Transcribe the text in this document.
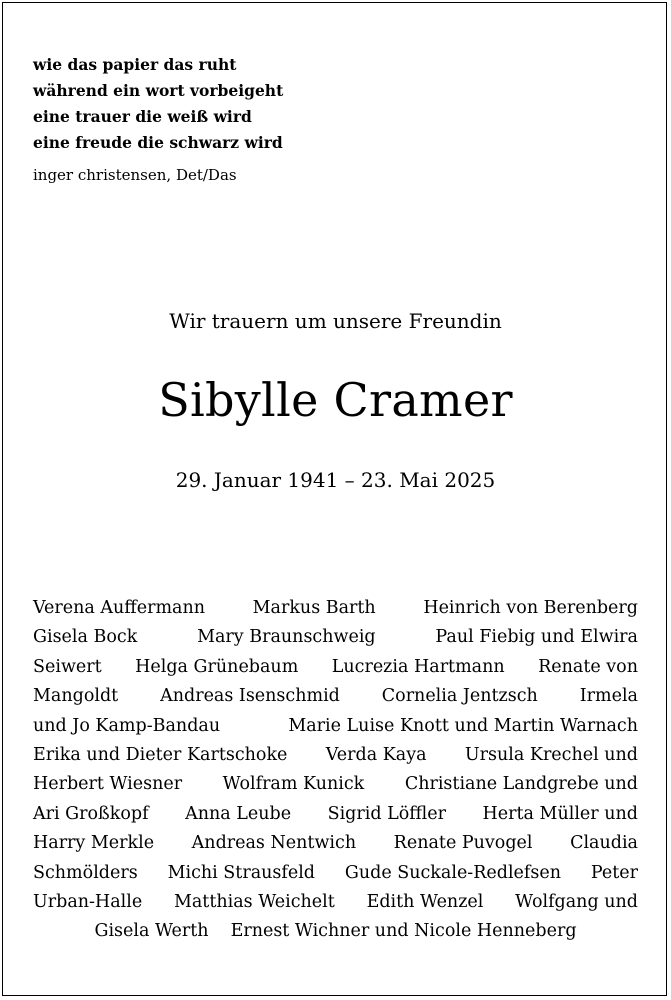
wie das papier das ruht
während ein wort vorbeigeht
eine trauer die weiß wird
eine freude die schwarz wird
inger christensen, Det/Das
Wir trauern um unsere Freundin
Sibylle Cramer
29. Januar 1941 – 23. Mai 2025
Verena Auffermann	Markus Barth	Heinrich von Berenberg
Gisela Bock	Mary Braunschweig	Paul Fiebig und Elwira
Seiwert Helga Grünebaum Lucrezia Hartmann Renate von
Mangoldt Andreas Isenschmid Cornelia Jentzsch Irmela
und Jo Kamp-Bandau	Marie Luise Knott und Martin Warnach
Erika und Dieter Kartschoke Verda Kaya Ursula Krechel und
Herbert Wiesner Wolfram Kunick Christiane Landgrebe und
Ari Großkopf Anna Leube Sigrid Löffler Herta Müller und
Harry Merkle Andreas Nentwich Renate Puvogel Claudia
Schmölders Michi Strausfeld Gude Suckale-Redlefsen Peter
Urban-Halle Matthias Weichelt Edith Wenzel Wolfgang und
Gisela Werth Ernest Wichner und Nicole Henneberg
